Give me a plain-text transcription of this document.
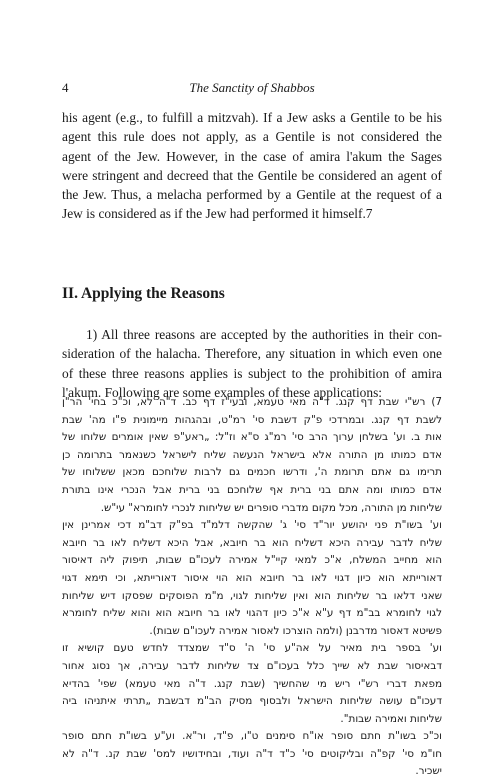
4	The Sanctity of Shabbos
his agent (e.g., to fulfill a mitzvah). If a Jew asks a Gentile to be his
agent this rule does not apply, as a Gentile is not considered the
agent of the Jew. However, in the case of amira l'akum the Sages
were stringent and decreed that the Gentile be considered an agent of
the Jew. Thus, a melacha performed by a Gentile at the request of a
Jew is considered as if the Jew had performed it himself.7
II. Applying the Reasons
1) All three reasons are accepted by the authorities in their con-
sideration of the halacha. Therefore, any situation in which even one
of these three reasons applies is subject to the prohibition of amira
l'akum. Following are some examples of these applications:
7) רש"י שבת דף קנג. ד"ה מאי טעמא, ובעי"ז דף כב. ד"ה לא, וכ"כ בחי' הר"ן
לשבת דף קנג. ובמרדכי פ"ק דשבת סי' רמ"ט, ובהגהות מיימונית פ"ו מה' שבת
אות ב. וע' בשלחן ערוך הרב סי' רמ"ג ס"א וז"ל: „ראע"פ שאין אומרים שלוחו של
אדם כמותו מן התורה אלא בישראל הנעשה שליח לישראל כשנאמר בתרומה כן
תרימו גם אתם תרומת ה', ודרשו חכמים גם לרבות שלוחכם מכאן ששלוחו של
אדם כמותו ומה אתם בני ברית אף שלוחכם בני ברית אבל הנכרי אינו בתורת
שליחות מן התורה, מכל מקום מדברי סופרים יש שליחות לנכרי לחומרא" עי"ש.
וע' בשו"ת פני יהושע יור"ד סי' ג' שהקשה דלמ"ד בפ"ק דב"מ דכי אמרינן אין
שליח לדבר עבירה היכא דשליח הוא בר חיובא, אבל היכא דשליח לאו בר חיובא
הוא מחייב המשלח, א"כ למאי קיי"ל אמירה לעכו"ם שבות, תיפוק ליה דאיסור
דאורייתא הוא כיון דגוי לאו בר חיובא הוא הוי איסור דאורייתא, וכי תימא דגוי
שאני דלאו בר שליחות הוא ואין שליחות לגוי, מ"מ הפוסקים שפסקו דיש שליחות
לגוי לחומרא בב"מ דף ע"א א"כ כיון דהגוי לאו בר חיובא הוא והוא שליח לחומרא
פשיטא דאסור מדרבנן (ולמה הוצרכו לאסור אמירה לעכו"ם שבות).
וע' בספר בית מאיר על אה"ע סי' ה' ס"ד שמצדד לחדש טעם קושיא זו
דבאיסור שבת לא שייך כלל בעכו"ם צד שליחות לדבר עבירה, אך נסוג אחור
מפאת דברי רש"י ריש מי שהחשיך (שבת קנג. ד"ה מאי טעמא) שפי' בהדיא
דעכו"ם עושה שליחות הישראל ולבסוף מסיק הב"מ דבשבת „תרתי איתניהו ביה
שליחות ואמירה שבות".
וכ"כ בשו"ת חתם סופר או"ח סימנים ט"ו, פ"ד, ור"א. וע"ע בשו"ת חתם סופר
חו"מ סי' קפ"ה ובליקוטים סי' כ"ד ד"ה ועוד, ובחידושיו למס' שבת קנ. ד"ה לא
ישכיר.
